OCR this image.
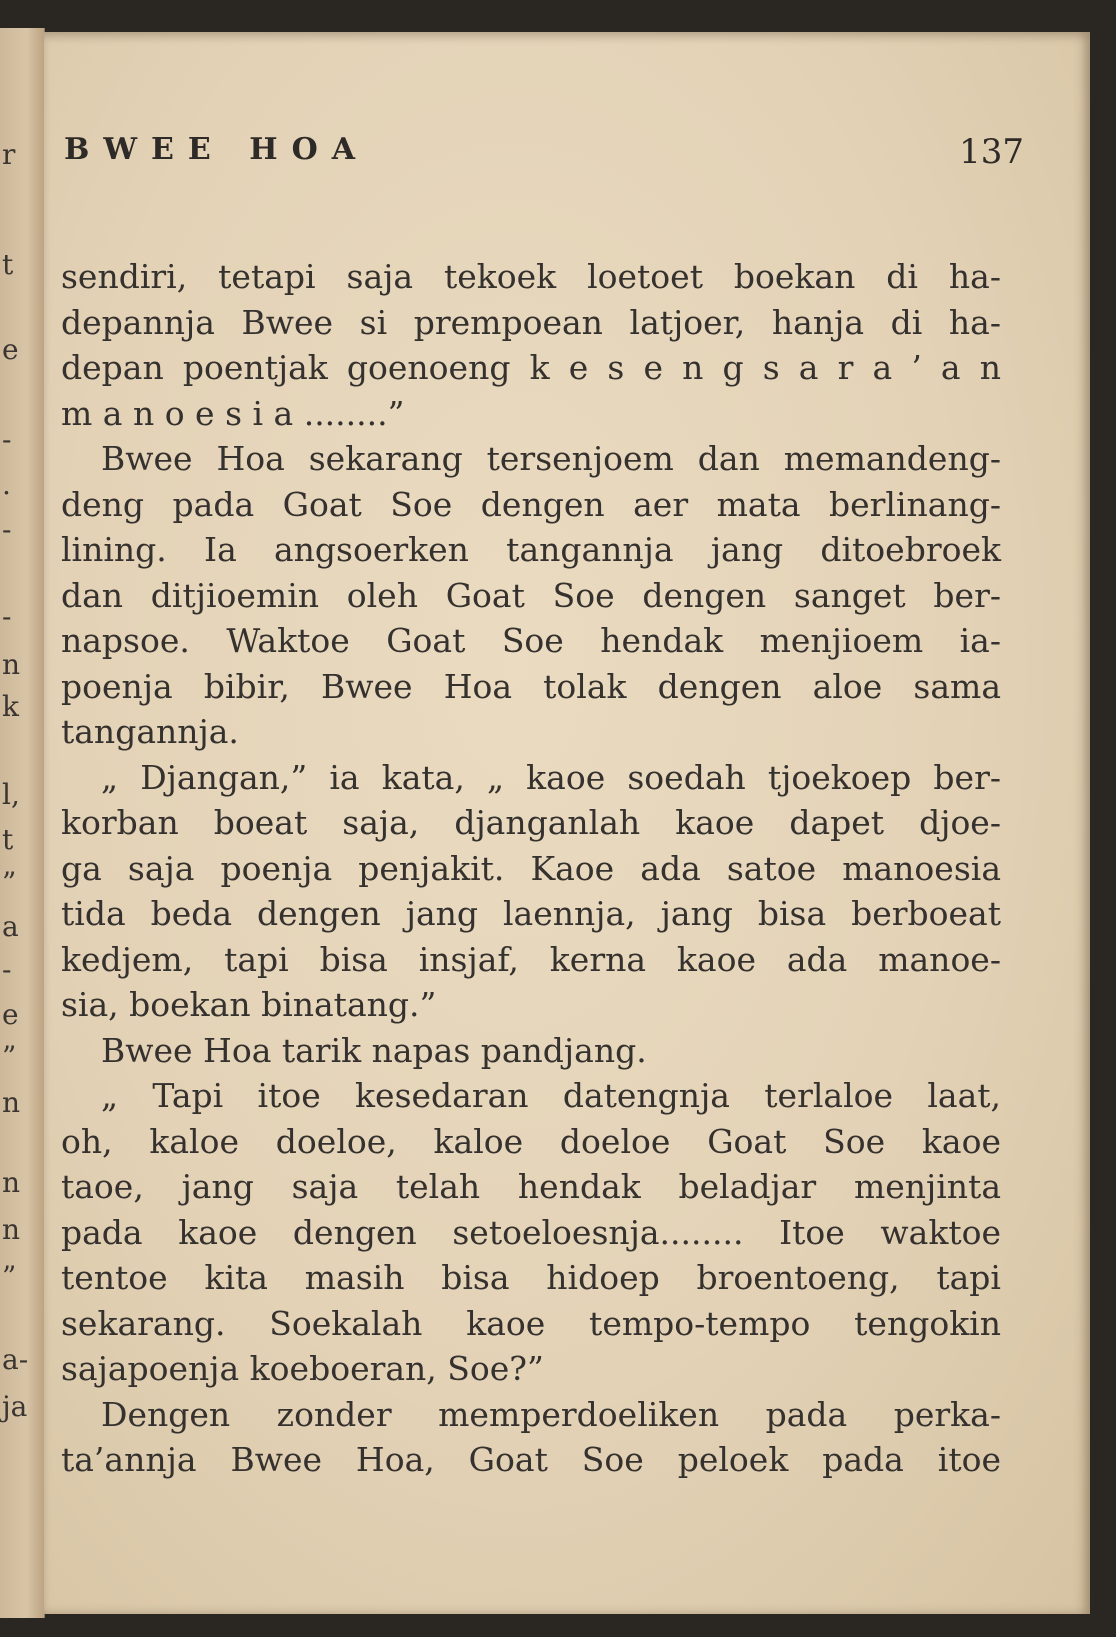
r
t
e
-
.
-
-
n
k
l,
t
”
a
-
e
”
n
n
n
”
a-
ja
BWEE HOA	137
sendiri, tetapi saja tekoek loetoet boekan di ha-
depannja Bwee si prempoean latjoer, hanja di ha-
depan poentjak goenoeng k e s e n g s a r a ’ a n
m a n o e s i a ........”
Bwee Hoa sekarang tersenjoem dan memandeng-
deng pada Goat Soe dengen aer mata berlinang-
lining. Ia angsoerken tangannja jang ditoebroek
dan ditjioemin oleh Goat Soe dengen sanget ber-
napsoe. Waktoe Goat Soe hendak menjioem ia-
poenja bibir, Bwee Hoa tolak dengen aloe sama
tangannja.
„ Djangan,” ia kata, „ kaoe soedah tjoekoep ber-
korban boeat saja, djanganlah kaoe dapet djoe-
ga saja poenja penjakit. Kaoe ada satoe manoesia
tida beda dengen jang laennja, jang bisa berboeat
kedjem, tapi bisa insjaf, kerna kaoe ada manoe-
sia, boekan binatang.”
Bwee Hoa tarik napas pandjang.
„ Tapi itoe kesedaran datengnja terlaloe laat,
oh, kaloe doeloe, kaloe doeloe Goat Soe kaoe
taoe, jang saja telah hendak beladjar menjinta
pada kaoe dengen setoeloesnja........ Itoe waktoe
tentoe kita masih bisa hidoep broentoeng, tapi
sekarang. Soekalah kaoe tempo-tempo tengokin
sajapoenja koeboeran, Soe?”
Dengen zonder memperdoeliken pada perka-
ta’annja Bwee Hoa, Goat Soe peloek pada itoe
